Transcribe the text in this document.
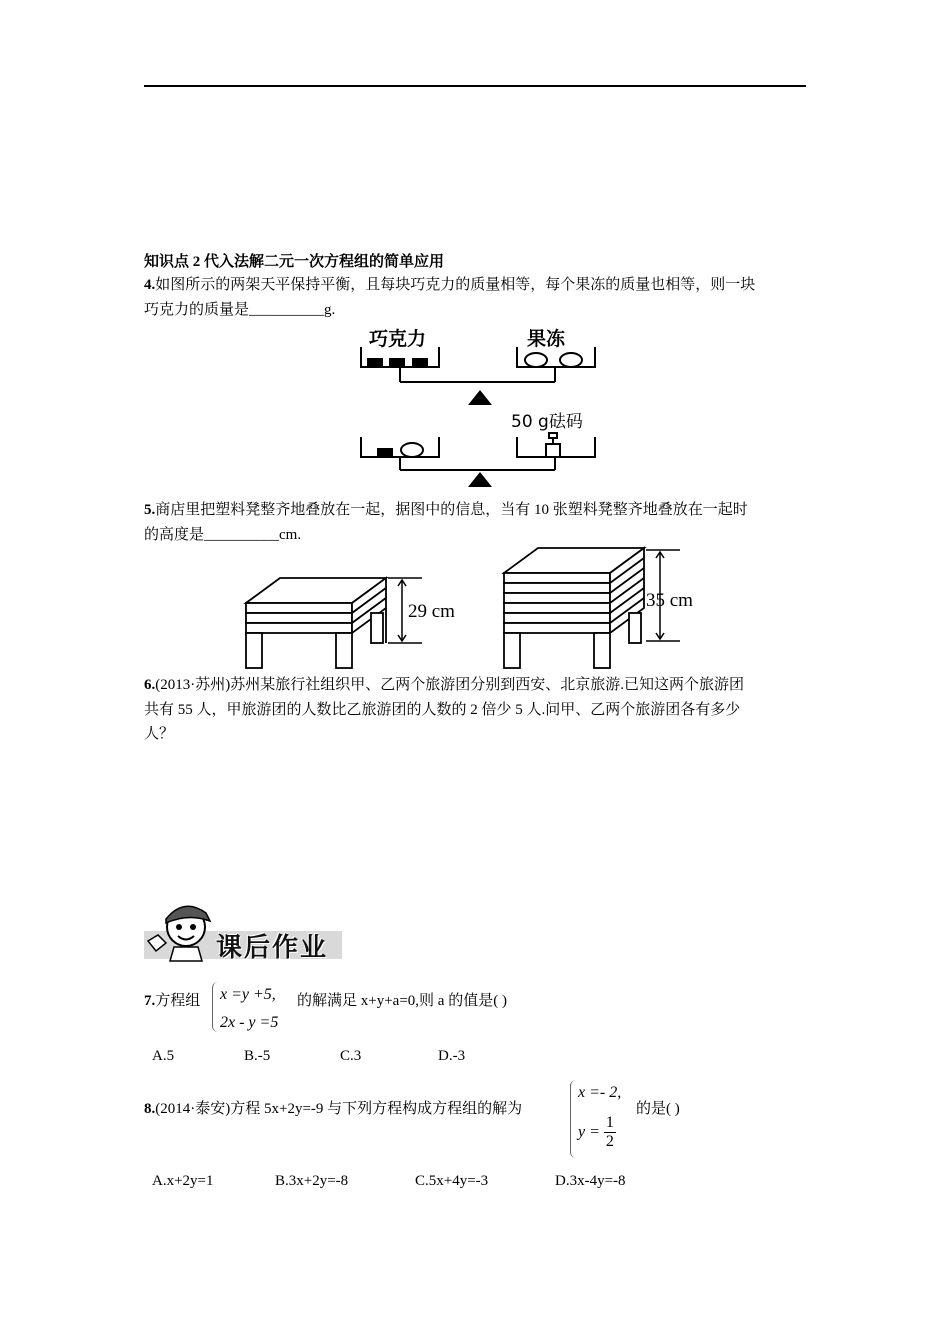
知识点 2 代入法解二元一次方程组的简单应用
4.如图所示的两架天平保持平衡，且每块巧克力的质量相等，每个果冻的质量也相等，则一块
巧克力的质量是__________g.
巧克力	果冻
50 g砝码
5.商店里把塑料凳整齐地叠放在一起，据图中的信息，当有 10 张塑料凳整齐地叠放在一起时
的高度是__________cm.
29 cm
35 cm
6.(2013·苏州)苏州某旅行社组织甲、乙两个旅游团分别到西安、北京旅游.已知这两个旅游团
共有 55 人，甲旅游团的人数比乙旅游团的人数的 2 倍少 5 人.问甲、乙两个旅游团各有多少
人？
课后作业
7.方程组 x =y +5,
2x - y =5
的解满足 x+y+a=0,则 a 的值是( )
A.5	B.-5	C.3	D.-3
8.(2014·泰安)方程 5x+2y=-9 与下列方程构成方程组的解为
x =- 2,
$y = \frac{1}{2}$
的是( )
A.x+2y=1	B.3x+2y=-8	C.5x+4y=-3	D.3x-4y=-8
